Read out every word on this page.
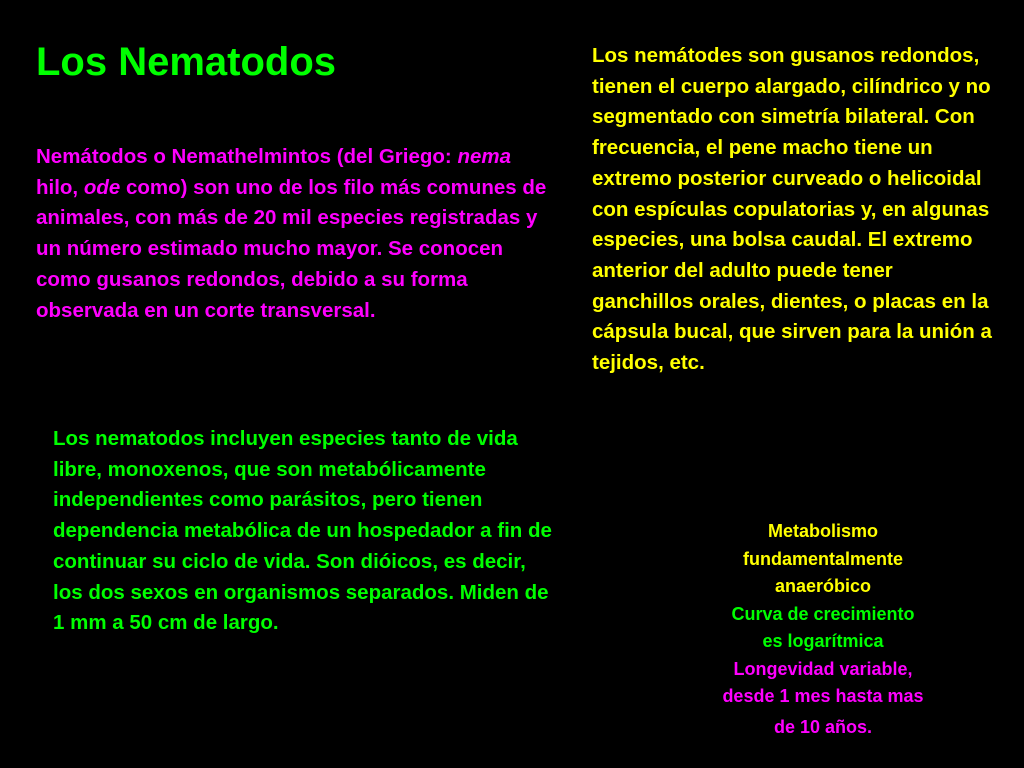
Los Nematodos

Nemátodos o Nemathelmintos (del Griego: nema hilo, ode como) son uno de los filo más comunes de animales, con más de 20 mil especies registradas y un número estimado mucho mayor. Se conocen como gusanos redondos, debido a su forma observada en un corte transversal.

Los nematodos incluyen especies tanto de vida libre, monoxenos, que son metabólicamente independientes como parásitos, pero tienen dependencia metabólica de un hospedador a fin de continuar su ciclo de vida. Son dióicos, es decir, los dos sexos en organismos separados. Miden de 1 mm a 50 cm de largo.

Los nemátodes son gusanos redondos, tienen el cuerpo alargado, cilíndrico y no segmentado con simetría bilateral. Con frecuencia, el pene macho tiene un extremo posterior curveado o helicoidal con espículas copulatorias y, en algunas especies, una bolsa caudal. El extremo anterior del adulto puede tener ganchillos orales, dientes, o placas en la cápsula bucal, que sirven para la unión a tejidos, etc.

Metabolismo
fundamentalmente
anaeróbico
Curva de crecimiento
es logarítmica
Longevidad variable,
desde 1 mes hasta mas
de 10 años.
